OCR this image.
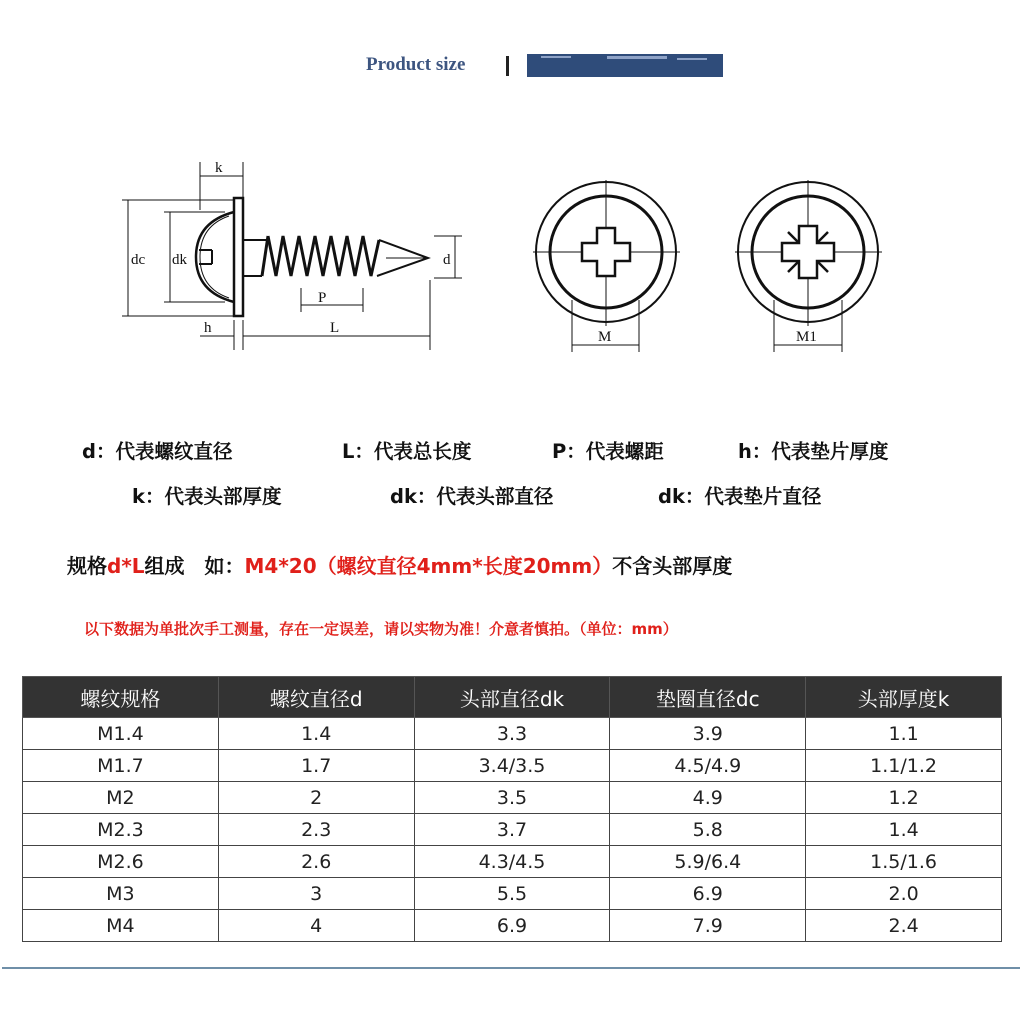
Product size
k
dc dk	d
P
h	L
M	M1
d：代表螺纹直径	L：代表总长度	P：代表螺距	h：代表垫片厚度
k：代表头部厚度	dk：代表头部直径	dk：代表垫片直径
规格d*L组成　如：M4*20（螺纹直径4mm*长度20mm）不含头部厚度
以下数据为单批次手工测量，存在一定误差，请以实物为准！介意者慎拍。（单位：mm）
螺纹规格	螺纹直径d	头部直径dk	垫圈直径dc	头部厚度k
M1.4	1.4	3.3	3.9	1.1
M1.7	1.7	3.4/3.5	4.5/4.9	1.1/1.2
M2	2	3.5	4.9	1.2
M2.3	2.3	3.7	5.8	1.4
M2.6	2.6	4.3/4.5	5.9/6.4	1.5/1.6
M3	3	5.5	6.9	2.0
M4	4	6.9	7.9	2.4
